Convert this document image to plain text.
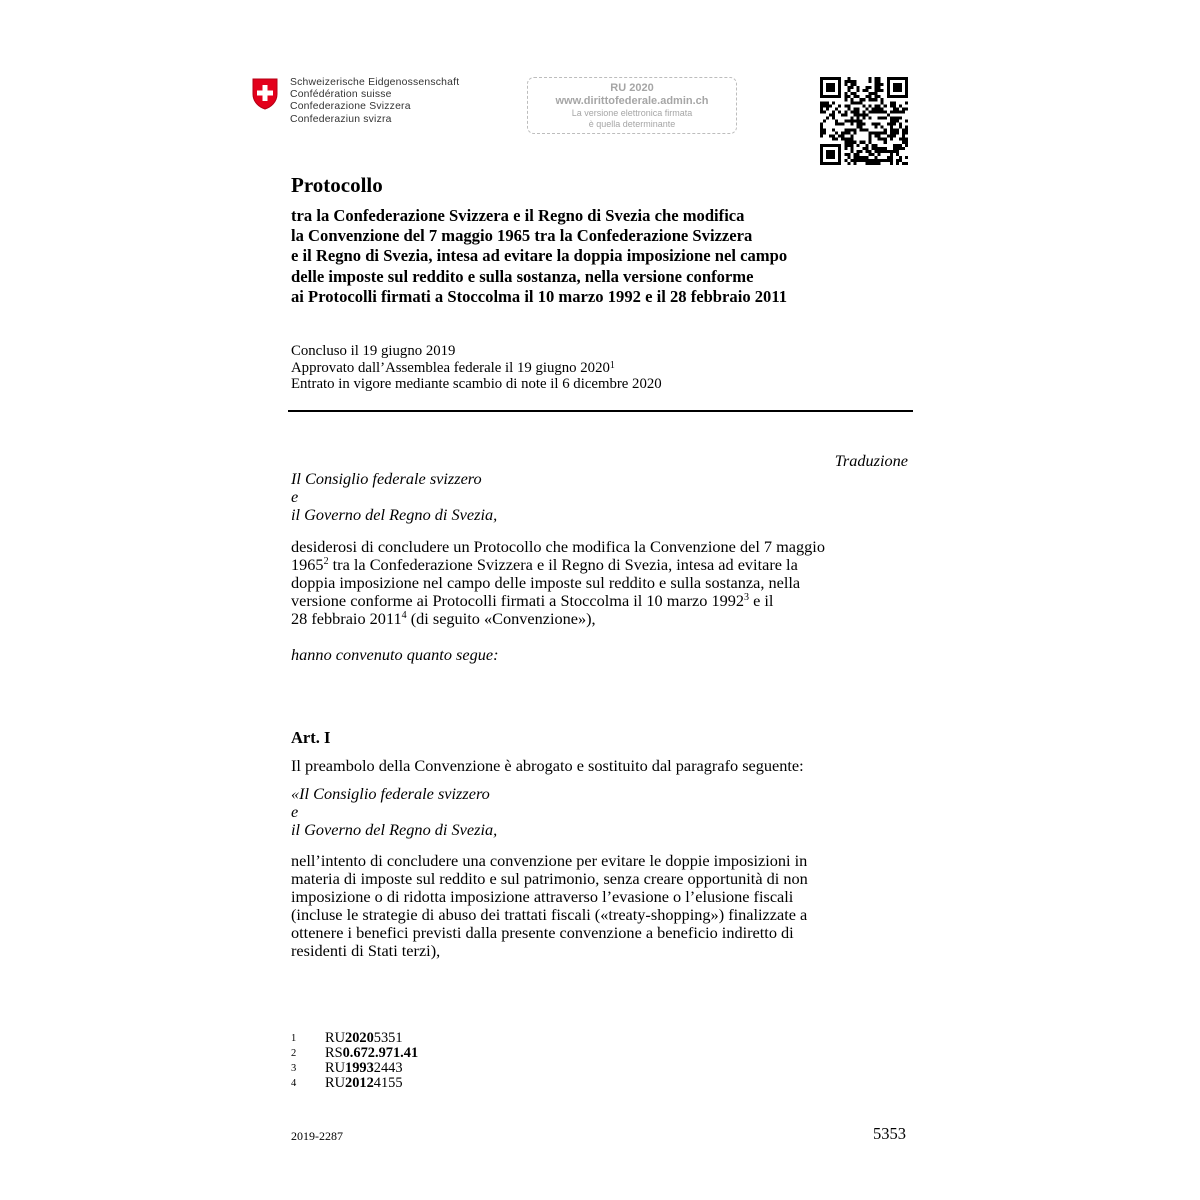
Schweizerische Eidgenossenschaft
Confédération suisse
Confederazione Svizzera
Confederaziun svizra
RU 2020
www.dirittofederale.admin.ch
La versione elettronica firmata
è quella determinante
Protocollo
tra la Confederazione Svizzera e il Regno di Svezia che modifica
la Convenzione del 7 maggio 1965 tra la Confederazione Svizzera
e il Regno di Svezia, intesa ad evitare la doppia imposizione nel campo
delle imposte sul reddito e sulla sostanza, nella versione conforme
ai Protocolli firmati a Stoccolma il 10 marzo 1992 e il 28 febbraio 2011
Concluso il 19 giugno 2019
Approvato dall’Assemblea federale il 19 giugno 2020$^1$
Entrato in vigore mediante scambio di note il 6 dicembre 2020
Traduzione
Il Consiglio federale svizzero
e
il Governo del Regno di Svezia,
desiderosi di concludere un Protocollo che modifica la Convenzione del 7 maggio
1965$^2$ tra la Confederazione Svizzera e il Regno di Svezia, intesa ad evitare la
doppia imposizione nel campo delle imposte sul reddito e sulla sostanza, nella
versione conforme ai Protocolli firmati a Stoccolma il 10 marzo 1992$^3$ e il
28 febbraio 2011$^4$ (di seguito «Convenzione»),
hanno convenuto quanto segue:
Art. I
Il preambolo della Convenzione è abrogato e sostituito dal paragrafo seguente:
«Il Consiglio federale svizzero
e
il Governo del Regno di Svezia,
nell’intento di concludere una convenzione per evitare le doppie imposizioni in
materia di imposte sul reddito e sul patrimonio, senza creare opportunità di non
imposizione o di ridotta imposizione attraverso l’evasione o l’elusione fiscali
(incluse le strategie di abuso dei trattati fiscali («treaty-shopping») finalizzate a
ottenere i benefici previsti dalla presente convenzione a beneficio indiretto di
residenti di Stati terzi),
1	RU 2020 5351
2	RS 0.672.971.41
3	RU 1993 2443
4	RU 2012 4155
2019-2287	5353
